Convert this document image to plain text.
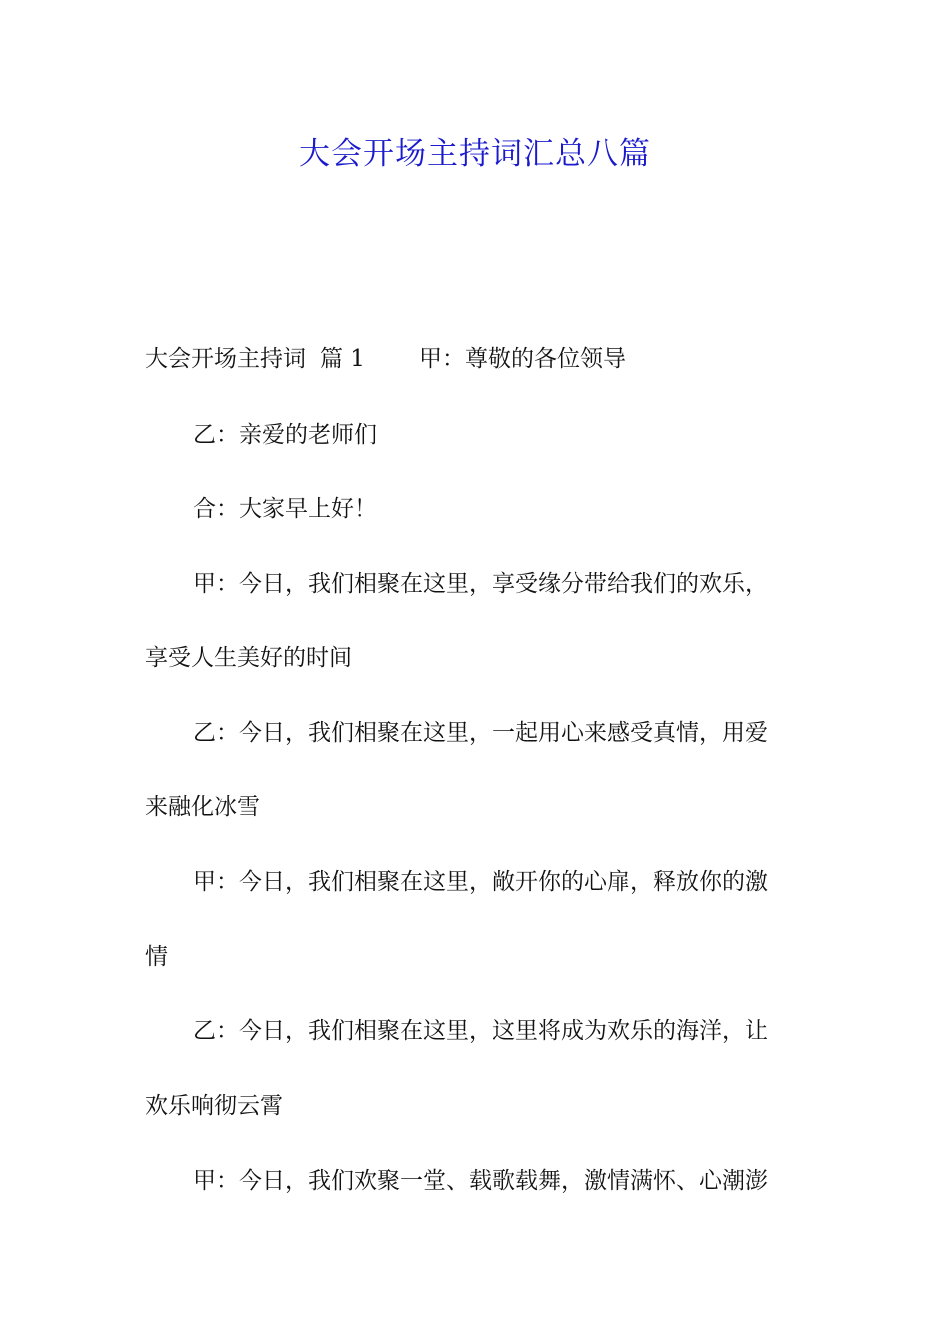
大会开场主持词汇总八篇

大会开场主持词 篇 1 甲：尊敬的各位领导

乙：亲爱的老师们

合：大家早上好！

甲：今日，我们相聚在这里，享受缘分带给我们的欢乐，

享受人生美好的时间

乙：今日，我们相聚在这里，一起用心来感受真情，用爱

来融化冰雪

甲：今日，我们相聚在这里，敞开你的心扉，释放你的激

情

乙：今日，我们相聚在这里，这里将成为欢乐的海洋，让

欢乐响彻云霄

甲：今日，我们欢聚一堂、载歌载舞，激情满怀、心潮澎
